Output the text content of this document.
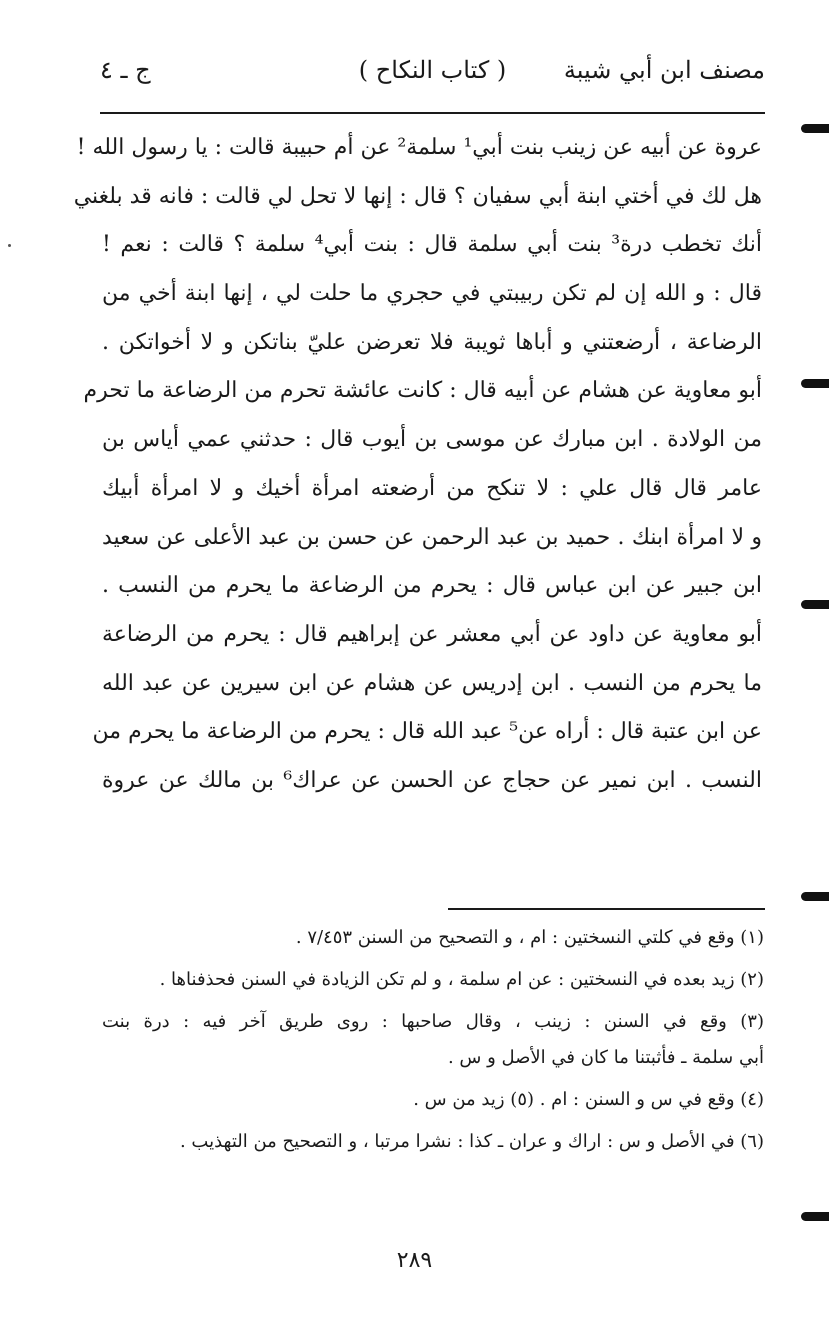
مصنف ابن أبي شيبة
( كتاب النكاح )
ج ـ ٤
عروة عن أبيه عن زينب بنت أبي¹ سلمة² عن أم حبيبة قالت : يا رسول الله !
هل لك في أختي ابنة أبي سفيان ؟ قال : إنها لا تحل لي قالت : فانه قد بلغني
أنك تخطب درة³ بنت أبي سلمة قال : بنت أبي⁴ سلمة ؟ قالت : نعم !
قال : و الله إن لم تكن ربيبتي في حجري ما حلت لي ، إنها ابنة أخي من
الرضاعة ، أرضعتني و أباها ثويبة فلا تعرضن عليّ بناتكن و لا أخواتكن .
أبو معاوية عن هشام عن أبيه قال : كانت عائشة تحرم من الرضاعة ما تحرم
من الولادة . ابن مبارك عن موسى بن أيوب قال : حدثني عمي أياس بن
عامر قال قال علي : لا تنكح من أرضعته امرأة أخيك و لا امرأة أبيك
و لا امرأة ابنك . حميد بن عبد الرحمن عن حسن بن عبد الأعلى عن سعيد
ابن جبير عن ابن عباس قال : يحرم من الرضاعة ما يحرم من النسب .
أبو معاوية عن داود عن أبي معشر عن إبراهيم قال : يحرم من الرضاعة
ما يحرم من النسب . ابن إدريس عن هشام عن ابن سيرين عن عبد الله
عن ابن عتبة قال : أراه عن⁵ عبد الله قال : يحرم من الرضاعة ما يحرم من
النسب . ابن نمير عن حجاج عن الحسن عن عراك⁶ بن مالك عن عروة
(١) وقع في كلتي النسختين : ام ، و التصحيح من السنن ٧/٤٥٣ .
(٢) زيد بعده في النسختين : عن ام سلمة ، و لم تكن الزيادة في السنن فحذفناها .
(٣) وقع في السنن : زينب ، وقال صاحبها : روى طريق آخر فيه : درة بنت
أبي سلمة ـ فأثبتنا ما كان في الأصل و س .
(٤) وقع في س و السنن : ام . (٥) زيد من س .
(٦) في الأصل و س : اراك و عران ـ كذا : نشرا مرتبا ، و التصحيح من التهذيب .
٢٨٩
